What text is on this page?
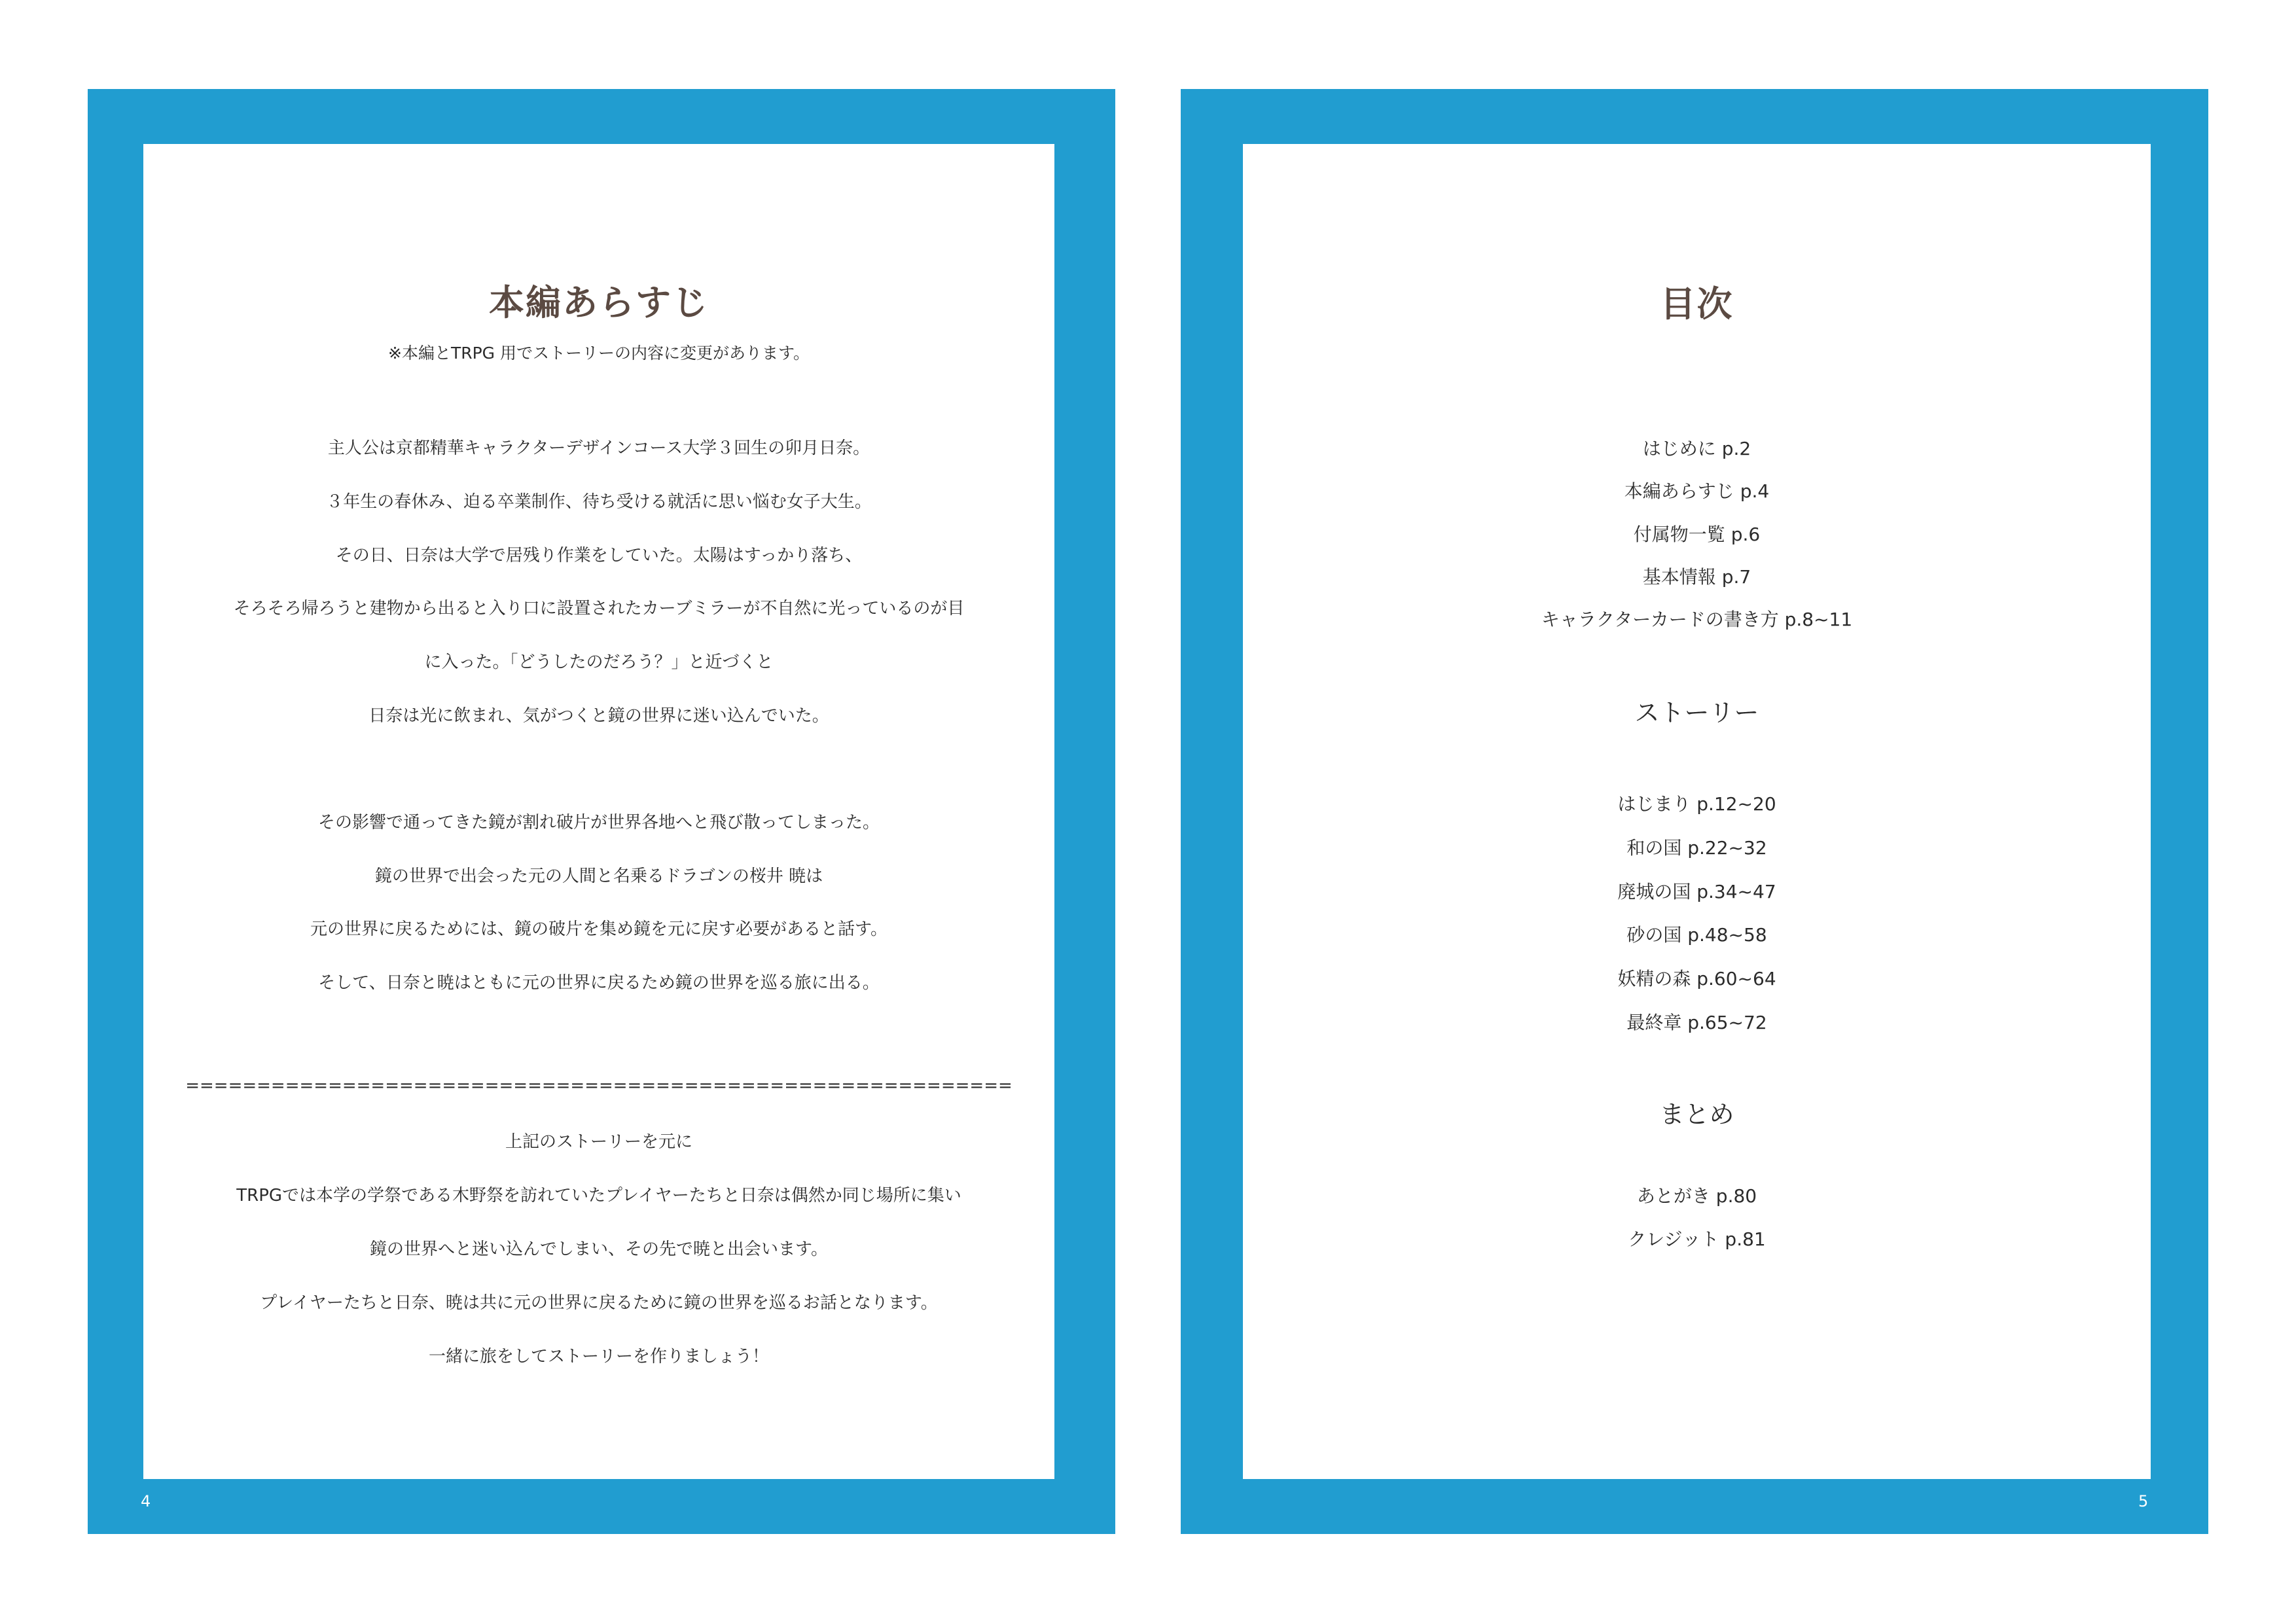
本編あらすじ
※本編とTRPG 用でストーリーの内容に変更があります。
主人公は京都精華キャラクターデザインコース大学３回生の卯月日奈。
３年生の春休み、迫る卒業制作、待ち受ける就活に思い悩む女子大生。
その日、日奈は大学で居残り作業をしていた。太陽はすっかり落ち、
そろそろ帰ろうと建物から出ると入り口に設置されたカーブミラーが不自然に光っているのが目
に入った。「どうしたのだろう？」と近づくと
日奈は光に飲まれ、気がつくと鏡の世界に迷い込んでいた。
その影響で通ってきた鏡が割れ破片が世界各地へと飛び散ってしまった。
鏡の世界で出会った元の人間と名乗るドラゴンの桜井 暁は
元の世界に戻るためには、鏡の破片を集め鏡を元に戻す必要があると話す。
そして、日奈と暁はともに元の世界に戻るため鏡の世界を巡る旅に出る。
==========================================================
上記のストーリーを元に
TRPGでは本学の学祭である木野祭を訪れていたプレイヤーたちと日奈は偶然か同じ場所に集い
鏡の世界へと迷い込んでしまい、その先で暁と出会います。
プレイヤーたちと日奈、暁は共に元の世界に戻るために鏡の世界を巡るお話となります。
一緒に旅をしてストーリーを作りましょう！
4
目次
はじめに p.2
本編あらすじ p.4
付属物一覧 p.6
基本情報 p.7
キャラクターカードの書き方 p.8~11
ストーリー
はじまり p.12~20
和の国 p.22~32
廃城の国 p.34~47
砂の国 p.48~58
妖精の森 p.60~64
最終章 p.65~72
まとめ
あとがき p.80
クレジット p.81
5
